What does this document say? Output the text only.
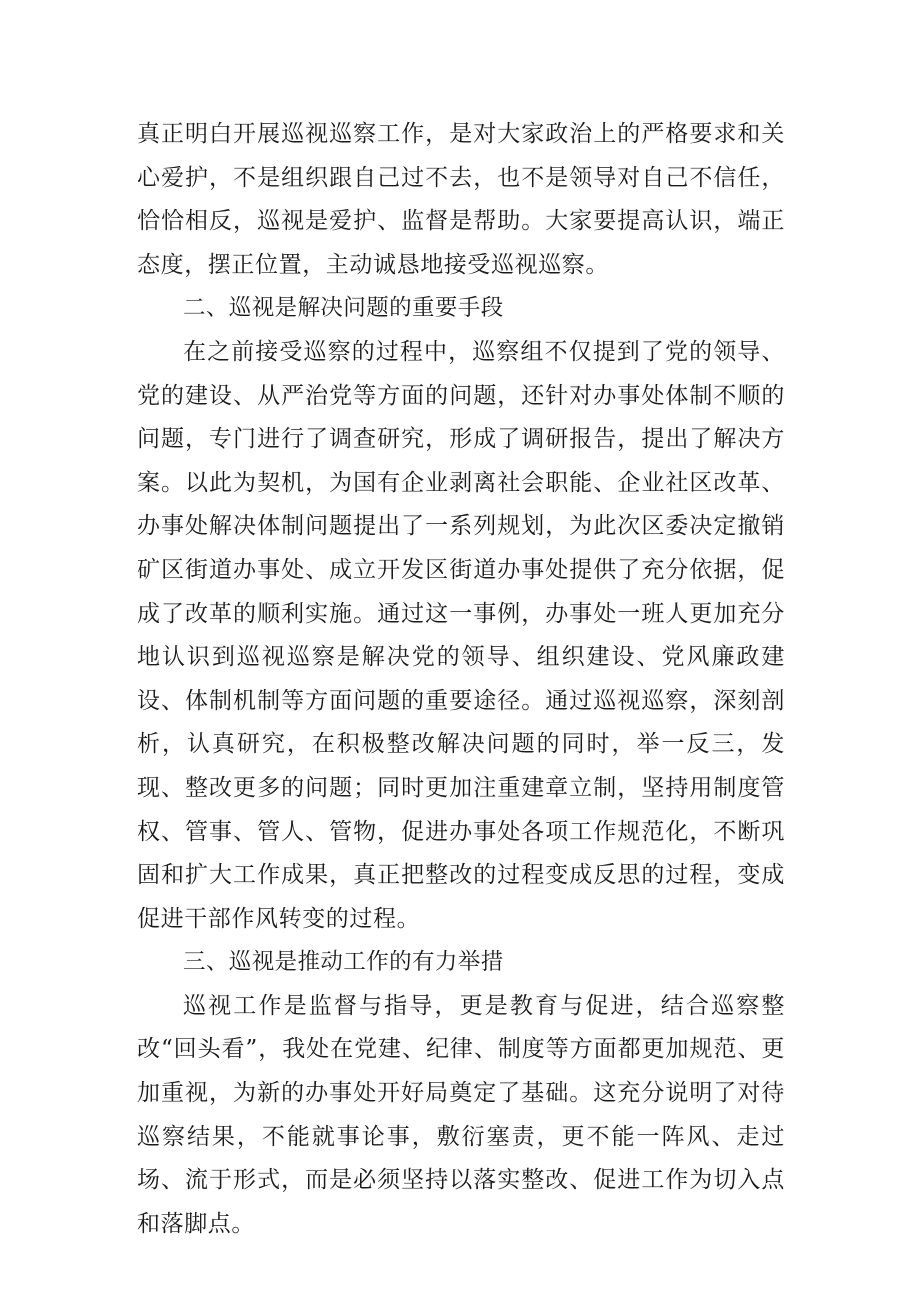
真正明白开展巡视巡察工作，是对大家政治上的严格要求和关心爱护，不是组织跟自己过不去，也不是领导对自己不信任，恰恰相反，巡视是爱护、监督是帮助。大家要提高认识，端正态度，摆正位置，主动诚恳地接受巡视巡察。

二、巡视是解决问题的重要手段

在之前接受巡察的过程中，巡察组不仅提到了党的领导、党的建设、从严治党等方面的问题，还针对办事处体制不顺的问题，专门进行了调查研究，形成了调研报告，提出了解决方案。以此为契机，为国有企业剥离社会职能、企业社区改革、办事处解决体制问题提出了一系列规划，为此次区委决定撤销矿区街道办事处、成立开发区街道办事处提供了充分依据，促成了改革的顺利实施。通过这一事例，办事处一班人更加充分地认识到巡视巡察是解决党的领导、组织建设、党风廉政建设、体制机制等方面问题的重要途径。通过巡视巡察，深刻剖析，认真研究，在积极整改解决问题的同时，举一反三，发现、整改更多的问题；同时更加注重建章立制，坚持用制度管权、管事、管人、管物，促进办事处各项工作规范化，不断巩固和扩大工作成果，真正把整改的过程变成反思的过程，变成促进干部作风转变的过程。

三、巡视是推动工作的有力举措

巡视工作是监督与指导，更是教育与促进，结合巡察整改“回头看”，我处在党建、纪律、制度等方面都更加规范、更加重视，为新的办事处开好局奠定了基础。这充分说明了对待巡察结果，不能就事论事，敷衍塞责，更不能一阵风、走过场、流于形式，而是必须坚持以落实整改、促进工作为切入点和落脚点。
